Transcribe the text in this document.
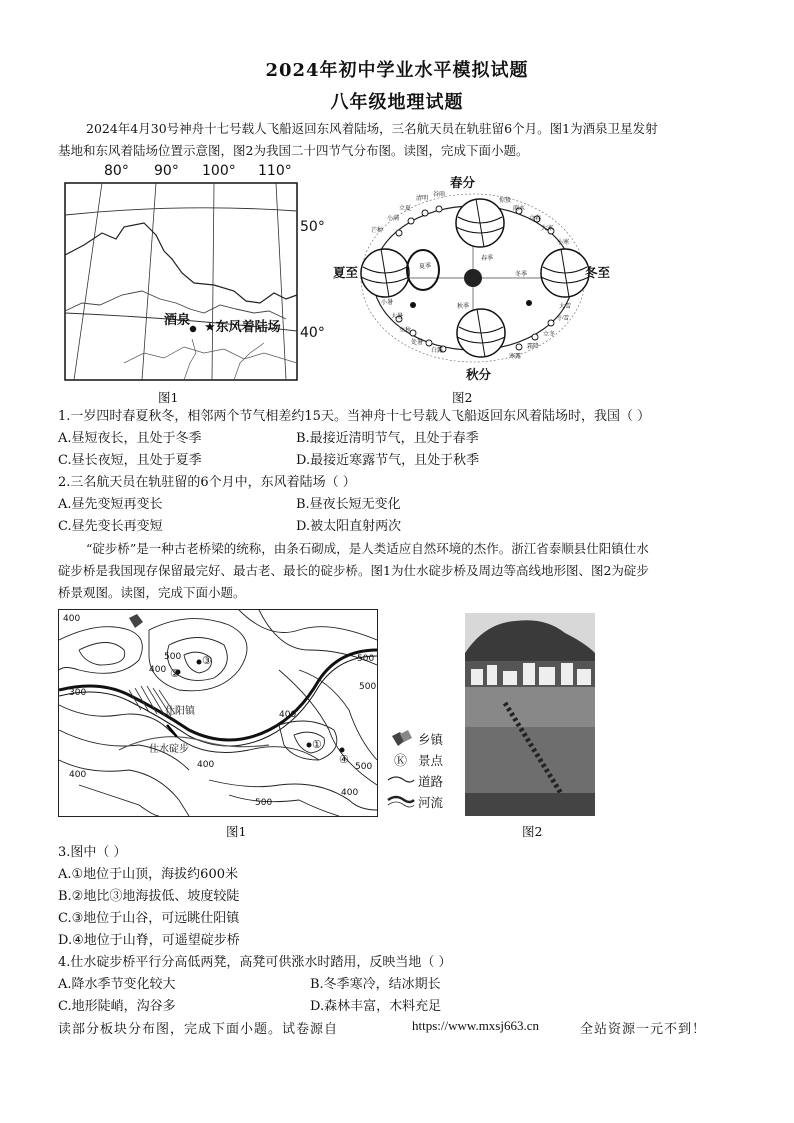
2024年初中学业水平模拟试题
八年级地理试题
2024年4月30号神舟十七号载人飞船返回东风着陆场，三名航天员在轨驻留6个月。图1为酒泉卫星发射
基地和东风着陆场位置示意图，图2为我国二十四节气分布图。读图，完成下面小题。
80° 90° 100° 110°
50°
40°
酒泉 ★东风着陆场
图1
春分
夏至
秋分
冬至
清明
谷雨
立夏
小满
芒种
小暑
大暑
立秋
处暑
白露
寒露
霜降
立冬
小雪
大雪
小寒
大寒
立春
雨水
惊蛰
春季
夏季
秋季
冬季
图2
1.一岁四时春夏秋冬，相邻两个节气相差约15天。当神舟十七号载人飞船返回东风着陆场时，我国（ ）
A.昼短夜长，且处于冬季	B.最接近清明节气，且处于春季
C.昼长夜短，且处于夏季	D.最接近寒露节气，且处于秋季
2.三名航天员在轨驻留的6个月中，东风着陆场（ ）
A.昼先变短再变长	B.昼夜长短无变化
C.昼先变长再变短	D.被太阳直射两次
“碇步桥”是一种古老桥梁的统称，由条石砌成，是人类适应自然环境的杰作。浙江省泰顺县仕阳镇仕水
碇步桥是我国现存保留最完好、最古老、最长的碇步桥。图1为仕水碇步桥及周边等高线地形图、图2为碇步
桥景观图。读图，完成下面小题。
400
500
400
300
500
500
400
400
400
400
500
500
仕阳镇
仕水碇步	①
②
③
④	Ⓚ
乡镇
景点
道路
河流
图1	图2
3.图中（ ）
A.①地位于山顶，海拔约600米
B.②地比③地海拔低、坡度较陡
C.③地位于山谷，可远眺仕阳镇
D.④地位于山脊，可遥望碇步桥
4.仕水碇步桥平行分高低两凳，高凳可供涨水时踏用，反映当地（ ）
A.降水季节变化较大	B.冬季寒冷，结冰期长
C.地形陡峭，沟谷多	D.森林丰富，木料充足
读部分板块分布图，完成下面小题。试卷源自	https://www.mxsj663.cn	全站资源一元不到！
